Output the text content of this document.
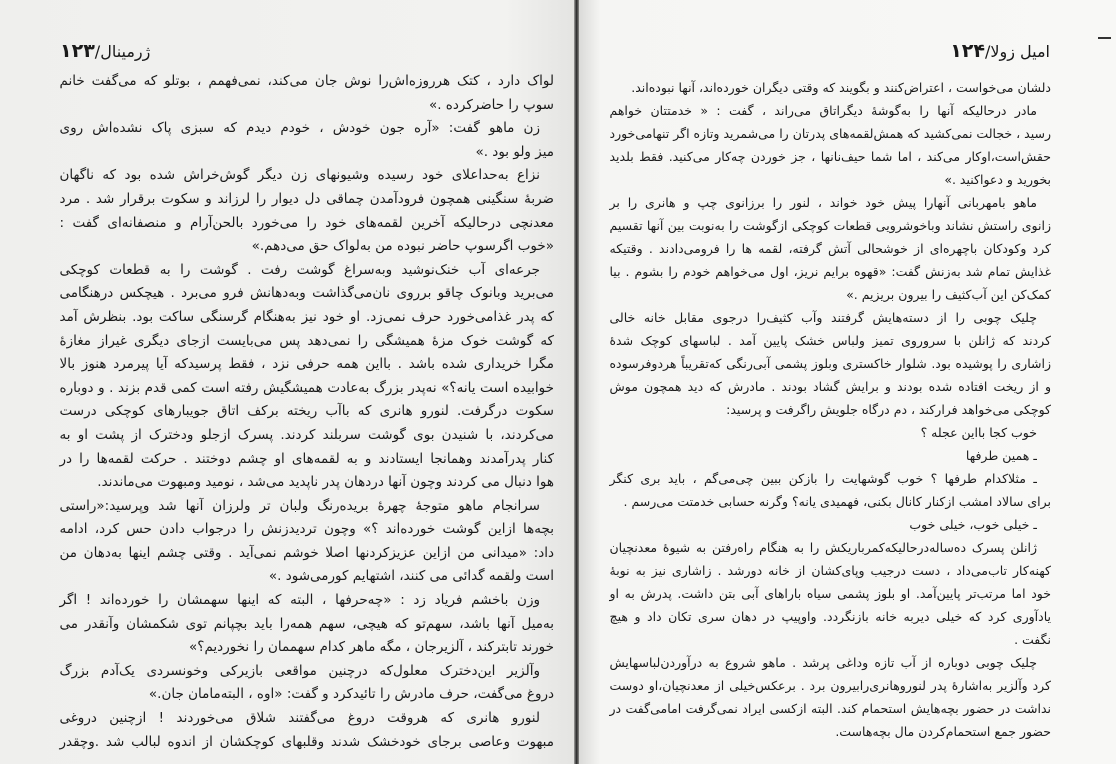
ژرمینال/۱۲۳
لواک دارد ، کتک هرروزه‌اش‌را نوش جان می‌کند، نمی‌فهمم ، بوتلو که می‌گفت خانم
سوپ را حاضرکرده .»
زن ماهو گفت: «آره جون خودش ، خودم دیدم که سبزی پاک نشده‌اش روی
میز ولو بود .»
نزاع به‌حداعلای خود رسیده وشیونهای زن دیگر گوش‌خراش شده بود که ناگهان
ضربهٔ سنگینی همچون فرودآمدن چماقی دل دیوار را لرزاند و سکوت برقرار شد . مرد
معدنچی درحالیکه آخرین لقمه‌های خود را می‌خورد بالحن‌آرام و منصفانه‌ای گفت :
«خوب اگرسوپ حاضر نبوده من به‌لواک حق می‌دهم.»
جرعه‌ای آب خنک‌نوشید وبه‌سراغ گوشت رفت . گوشت را به قطعات کوچکی
می‌برید وبانوک چاقو برروی نان‌می‌گذاشت وبه‌دهانش فرو می‌برد . هیچکس درهنگامی
که پدر غذامی‌خورد حرف نمی‌زد. او خود نیز به‌هنگام گرسنگی ساکت بود. بنظرش آمد
که گوشت خوک مزهٔ همیشگی را نمی‌دهد پس می‌بایست ازجای دیگری غیراز مغازهٔ
مگرا خریداری شده باشد . بااین همه حرفی نزد ، فقط پرسیدکه آیا پیرمرد هنوز بالا
خوابیده است یانه؟» نه‌پدر بزرگ به‌عادت همیشگیش رفته است کمی قدم بزند . و دوباره
سکوت درگرفت. لنورو هانری که باآب ریخته برکف اتاق جویبارهای کوچکی درست
می‌کردند، با شنیدن بوی گوشت سربلند کردند. پسرک ازجلو ودخترک از پشت او به
کنار پدرآمدند وهمانجا ایستادند و به لقمه‌های او چشم دوختند . حرکت لقمه‌ها را در
هوا دنبال می کردند وچون آنها دردهان پدر ناپدید می‌شد ، نومید ومبهوت می‌ماندند.
سرانجام ماهو متوجهٔ چهرهٔ بریده‌رنگ ولبان تر ولرزان آنها شد وپرسید:«راستی
بچه‌ها ازاین گوشت خورده‌اند ؟» وچون تردیدزنش را درجواب دادن حس کرد، ادامه
داد: «میدانی من ازاین عزیزکردنها اصلا خوشم نمی‌آید . وقتی چشم اینها به‌دهان من
است ولقمه گدائی می کنند، اشتهایم کورمی‌شود .»
وزن باخشم فریاد زد : «چه‌حرفها ، البته که اینها سهمشان را خورده‌اند ! اگر
به‌میل آنها باشد، سهم‌تو که هیچی، سهم همه‌را باید بچپانم توی شکمشان وآنقدر می
خورند تابترکند ، آلزیرجان ، مگه ماهر کدام سهممان را نخوردیم؟»
وآلزیر این‌دخترک معلول‌که درچنین مواقعی بازیرکی وخونسردی یک‌آدم بزرگ
دروغ می‌گفت، حرف مادرش را تائیدکرد و گفت: «اوه ، البته‌مامان جان.»
لنورو هانری که هروقت دروغ می‌گفتند شلاق می‌خوردند ! ازچنین دروغی
مبهوت وعاصی برجای خودخشک شدند وقلبهای کوچکشان از اندوه لبالب شد .وچقدر
امیل زولا/۱۲۴
دلشان می‌خواست ، اعتراض‌کنند و بگویند که وقتی دیگران خورده‌اند، آنها نبوده‌اند.
مادر درحالیکه آنها را به‌گوشهٔ دیگراتاق می‌راند ، گفت : « خدمتتان خواهم
رسید ، خجالت نمی‌کشید که همش‌لقمه‌های پدرتان را می‌شمرید وتازه اگر تنهامی‌خورد
حقش‌است،اوکار می‌کند ، اما شما حیف‌نانها ، جز خوردن چه‌کار می‌کنید. فقط بلدید
بخورید و دعواکنید .»
ماهو بامهربانی آنهارا پیش خود خواند ، لنور را برزانوی چپ و هانری را بر
زانوی راستش نشاند وباخوشرویی قطعات کوچکی ازگوشت را به‌نوبت بین آنها تقسیم
کرد وکودکان باچهره‌ای از خوشحالی آتش گرفته، لقمه ها را فرومی‌دادند . وقتیکه
غذایش تمام شد به‌زنش گفت: «قهوه برایم نریز، اول می‌خواهم خودم را بشوم . بیا
کمک‌کن این آب‌کثیف را بیرون بریزیم .»
چلیک چوبی را از دسته‌هایش گرفتند وآب کثیف‌را درجوی مقابل خانه خالی
کردند که ژانلن با سروروی تمیز ولباس خشک پایین آمد . لباسهای کوچک شدهٔ
زاشاری را پوشیده بود. شلوار خاکستری وبلوز پشمی آبی‌رنگی که‌تقریباً هردوفرسوده
و از ریخت افتاده شده بودند و برایش گشاد بودند . مادرش که دید همچون موش
کوچکی می‌خواهد فرارکند ، دم درگاه جلویش راگرفت و پرسید:
خوب کجا بااین عجله ؟
ـ همین طرفها
ـ مثلاکدام طرفها ؟ خوب گوشهایت را بازکن ببین چی‌می‌گم ، باید بری کنگر
برای سالاد امشب ازکنار کانال بکنی، فهمیدی یانه؟ وگرنه حسابی خدمتت می‌رسم .
ـ خیلی خوب، خیلی خوب
ژانلن پسرک ده‌ساله‌درحالیکه‌کمرباریکش را به هنگام راه‌رفتن به شیوهٔ معدنچیان
کهنه‌کار تاب‌می‌داد ، دست درجیب وپای‌کشان از خانه دورشد . زاشاری نیز به نوبهٔ
خود اما مرتب‌تر پایین‌آمد. او بلوز پشمی سیاه باراهای آبی بتن داشت. پدرش به او
یادآوری کرد که خیلی دیربه خانه بازنگردد. واوپیپ در دهان سری تکان داد و هیچ
نگفت .
چلیک چوبی دوباره از آب تازه وداغی پرشد . ماهو شروع به درآوردن‌لباسهایش
کرد وآلزیر به‌اشارهٔ پدر لنوروهانری‌رابیرون برد . برعکس‌خیلی از معدنچیان،او دوست
نداشت در حضور بچه‌هایش استحمام کند. البته ازکسی ایراد نمی‌گرفت امامی‌گفت در
حضور جمع استحمام‌کردن مال بچه‌هاست.
